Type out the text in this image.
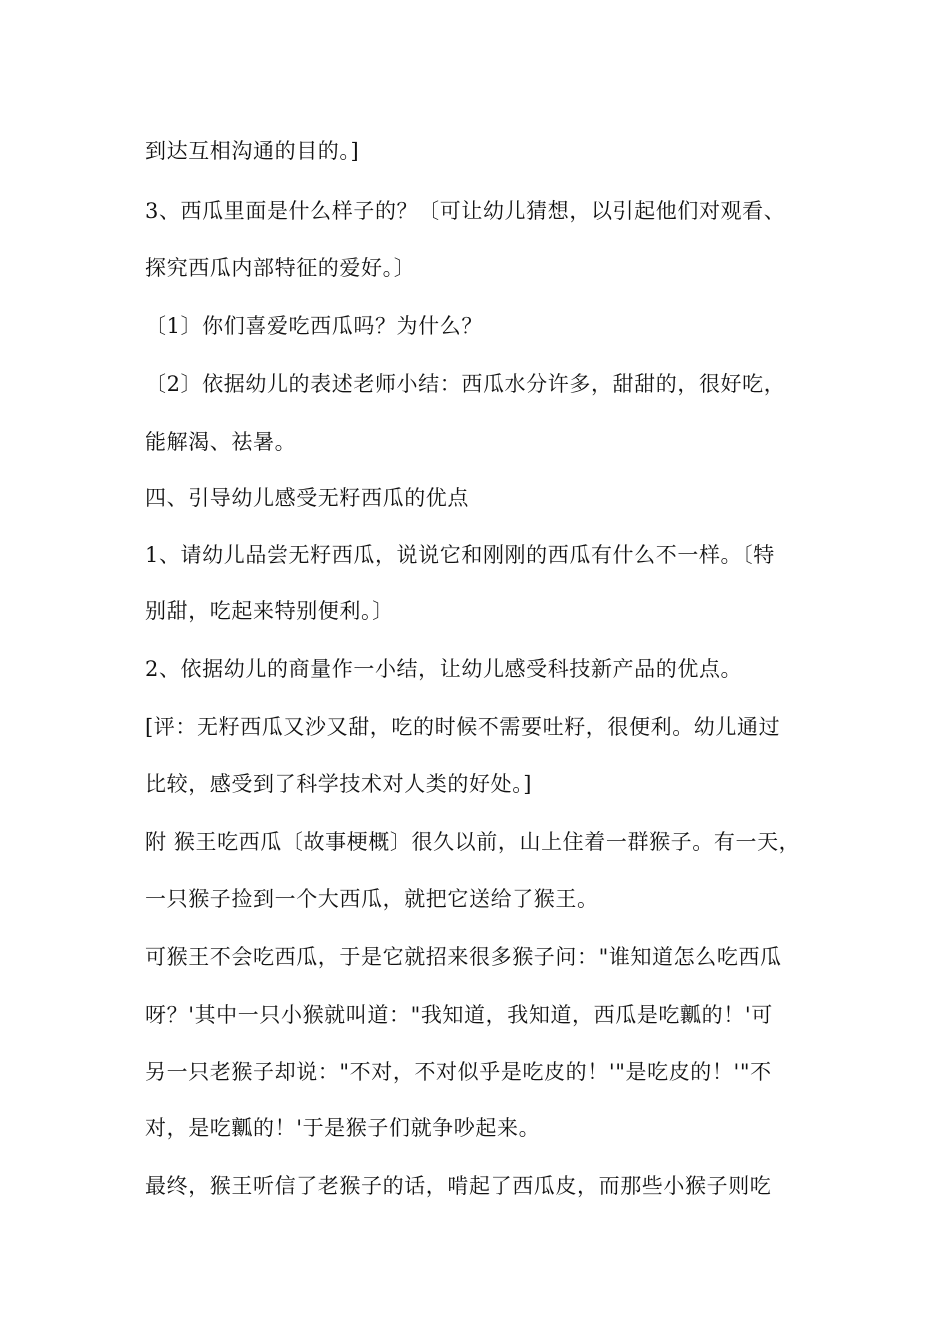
到达互相沟通的目的。]
3、西瓜里面是什么样子的？〔可让幼儿猜想，以引起他们对观看、
探究西瓜内部特征的爱好。〕
〔1〕你们喜爱吃西瓜吗？为什么？
〔2〕依据幼儿的表述老师小结：西瓜水分许多，甜甜的，很好吃，
能解渴、祛暑。
四、引导幼儿感受无籽西瓜的优点
1、请幼儿品尝无籽西瓜，说说它和刚刚的西瓜有什么不一样。〔特
别甜，吃起来特别便利。〕
2、依据幼儿的商量作一小结，让幼儿感受科技新产品的优点。
[评：无籽西瓜又沙又甜，吃的时候不需要吐籽，很便利。幼儿通过
比较，感受到了科学技术对人类的好处。]
附 猴王吃西瓜〔故事梗概〕很久以前，山上住着一群猴子。有一天，
一只猴子捡到一个大西瓜，就把它送给了猴王。
可猴王不会吃西瓜，于是它就招来很多猴子问："谁知道怎么吃西瓜
呀？'其中一只小猴就叫道："我知道，我知道，西瓜是吃瓤的！'可
另一只老猴子却说："不对，不对似乎是吃皮的！'"是吃皮的！'"不
对，是吃瓤的！'于是猴子们就争吵起来。
最终，猴王听信了老猴子的话，啃起了西瓜皮，而那些小猴子则吃
